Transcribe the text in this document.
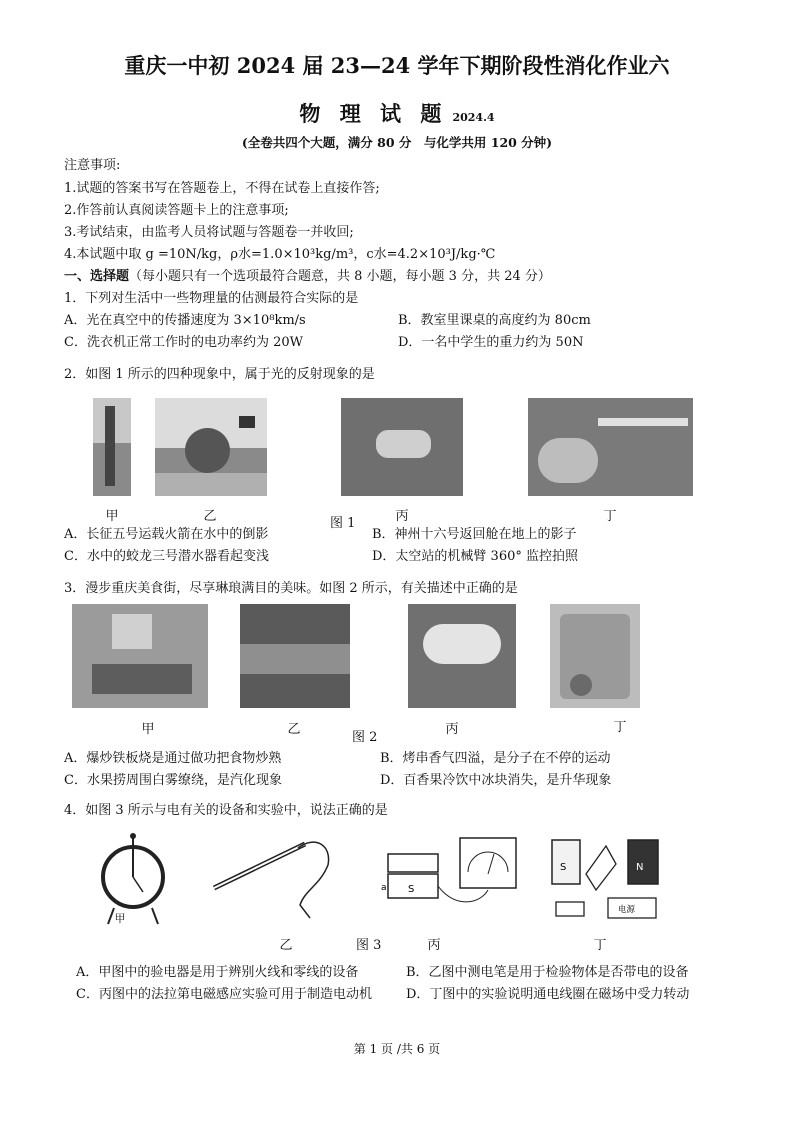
重庆一中初 2024 届 23—24 学年下期阶段性消化作业六
物 理 试 题 2024.4
(全卷共四个大题，满分 80 分　与化学共用 120 分钟)
注意事项:
1.试题的答案书写在答题卷上，不得在试卷上直接作答;
2.作答前认真阅读答题卡上的注意事项;
3.考试结束，由监考人员将试题与答题卷一并收回;
4.本试题中取 g =10N/kg，ρ水=1.0×10³kg/m³，c水=4.2×10³J/kg·℃
一、选择题（每小题只有一个选项最符合题意，共 8 小题，每小题 3 分，共 24 分）
1．下列对生活中一些物理量的估测最符合实际的是
A．光在真空中的传播速度为 3×10⁸km/s	B．教室里课桌的高度约为 80cm
C．洗衣机正常工作时的电功率约为 20W	D．一名中学生的重力约为 50N
2．如图 1 所示的四种现象中，属于光的反射现象的是
甲	乙	丙	丁
图 1
A．长征五号运载火箭在水中的倒影	B．神州十六号返回舱在地上的影子
C．水中的蛟龙三号潜水器看起变浅	D．太空站的机械臂 360° 监控拍照
3．漫步重庆美食街，尽享琳琅满目的美味。如图 2 所示，有关描述中正确的是
甲	乙	丙	丁
图 2
A．爆炒铁板烧是通过做功把食物炒熟	B．烤串香气四溢，是分子在不停的运动
C．水果捞周围白雾缭绕，是汽化现象	D．百香果冷饮中冰块消失，是升华现象
4．如图 3 所示与电有关的设备和实验中，说法正确的是
S
a
S	N
电源
甲
乙	图 3	丙	丁
A．甲图中的验电器是用于辨别火线和零线的设备	B．乙图中测电笔是用于检验物体是否带电的设备
C．丙图中的法拉第电磁感应实验可用于制造电动机	D．丁图中的实验说明通电线圈在磁场中受力转动
第 1 页 /共 6 页
